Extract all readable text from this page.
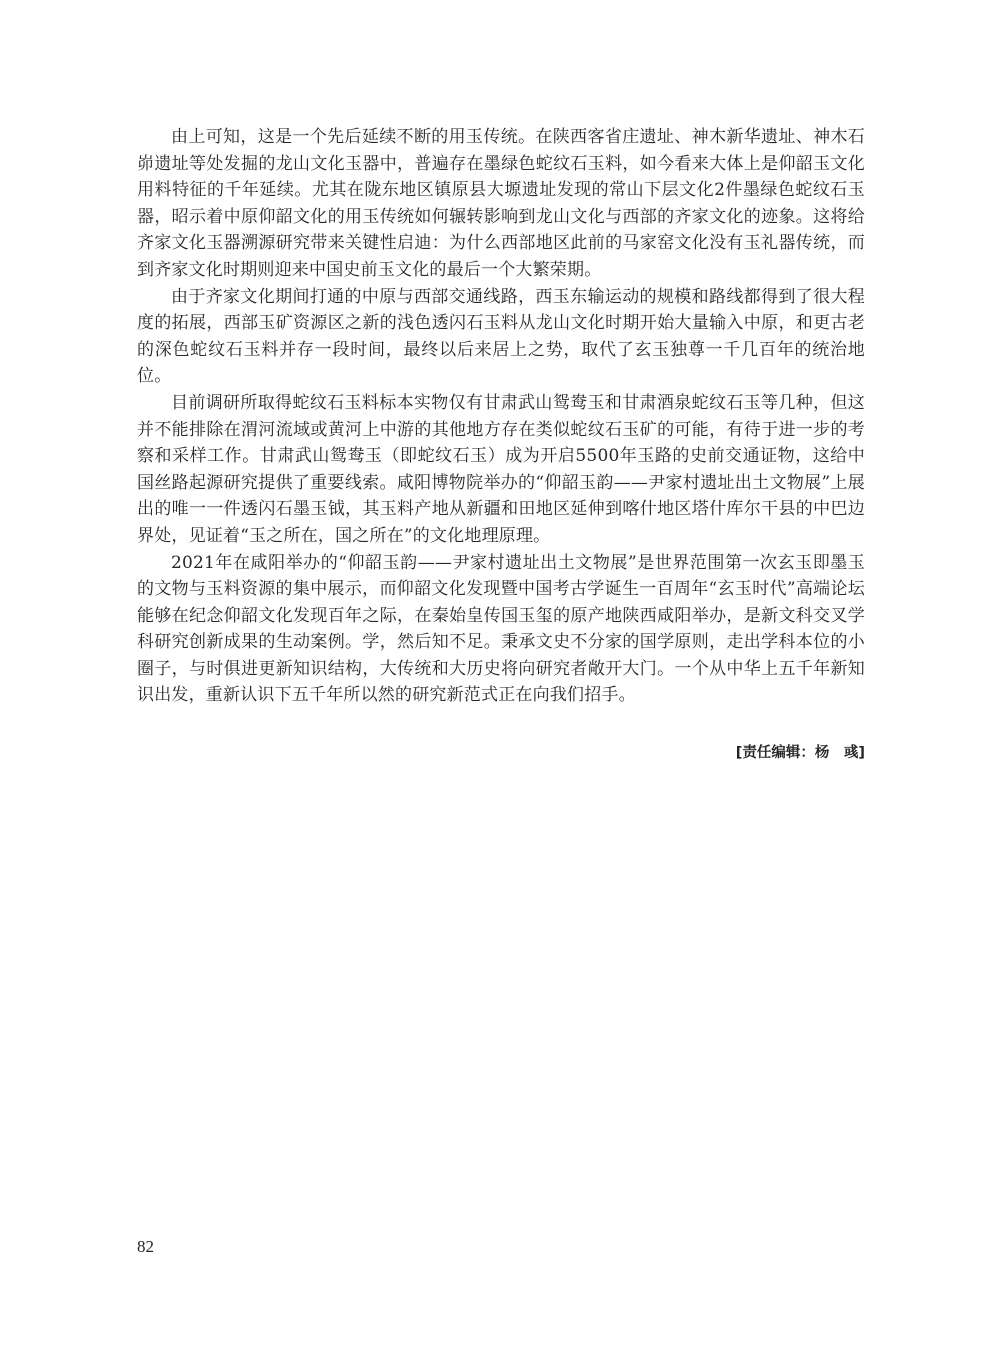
由上可知，这是一个先后延续不断的用玉传统。在陕西客省庄遗址、神木新华遗址、神木石峁遗址等处发掘的龙山文化玉器中，普遍存在墨绿色蛇纹石玉料，如今看来大体上是仰韶玉文化用料特征的千年延续。尤其在陇东地区镇原县大塬遗址发现的常山下层文化2件墨绿色蛇纹石玉器，昭示着中原仰韶文化的用玉传统如何辗转影响到龙山文化与西部的齐家文化的迹象。这将给齐家文化玉器溯源研究带来关键性启迪：为什么西部地区此前的马家窑文化没有玉礼器传统，而到齐家文化时期则迎来中国史前玉文化的最后一个大繁荣期。

由于齐家文化期间打通的中原与西部交通线路，西玉东输运动的规模和路线都得到了很大程度的拓展，西部玉矿资源区之新的浅色透闪石玉料从龙山文化时期开始大量输入中原，和更古老的深色蛇纹石玉料并存一段时间，最终以后来居上之势，取代了玄玉独尊一千几百年的统治地位。

目前调研所取得蛇纹石玉料标本实物仅有甘肃武山鸳鸯玉和甘肃酒泉蛇纹石玉等几种，但这并不能排除在渭河流域或黄河上中游的其他地方存在类似蛇纹石玉矿的可能，有待于进一步的考察和采样工作。甘肃武山鸳鸯玉（即蛇纹石玉）成为开启5500年玉路的史前交通证物，这给中国丝路起源研究提供了重要线索。咸阳博物院举办的“仰韶玉韵——尹家村遗址出土文物展”上展出的唯一一件透闪石墨玉钺，其玉料产地从新疆和田地区延伸到喀什地区塔什库尔干县的中巴边界处，见证着“玉之所在，国之所在”的文化地理原理。

2021年在咸阳举办的“仰韶玉韵——尹家村遗址出土文物展”是世界范围第一次玄玉即墨玉的文物与玉料资源的集中展示，而仰韶文化发现暨中国考古学诞生一百周年“玄玉时代”高端论坛能够在纪念仰韶文化发现百年之际，在秦始皇传国玉玺的原产地陕西咸阳举办，是新文科交叉学科研究创新成果的生动案例。学，然后知不足。秉承文史不分家的国学原则，走出学科本位的小圈子，与时俱进更新知识结构，大传统和大历史将向研究者敞开大门。一个从中华上五千年新知识出发，重新认识下五千年所以然的研究新范式正在向我们招手。

[责任编辑：杨　彧]
82
